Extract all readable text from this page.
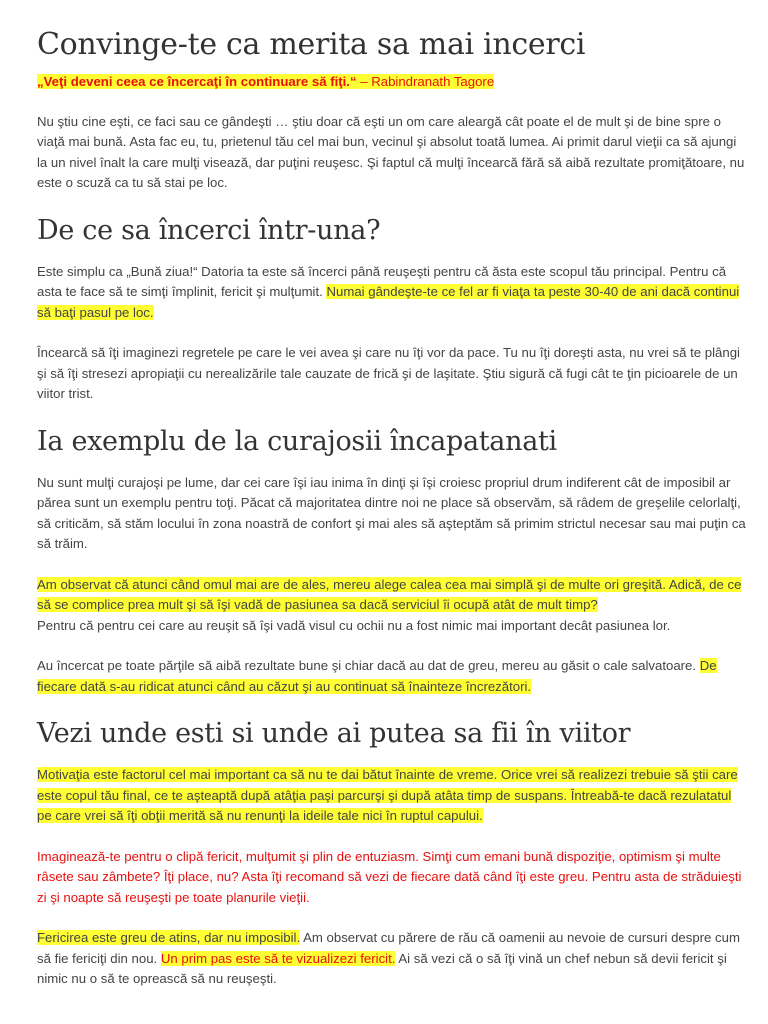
Convinge-te ca merita sa mai incerci

„Veţi deveni ceea ce încercaţi în continuare să fiţi.“ – Rabindranath Tagore

Nu ştiu cine eşti, ce faci sau ce gândeşti … ştiu doar că eşti un om care aleargă cât poate el de mult şi de bine spre o viaţă mai bună. Asta fac eu, tu, prietenul tău cel mai bun, vecinul şi absolut toată lumea. Ai primit darul vieţii ca să ajungi la un nivel înalt la care mulţi visează, dar puţini reuşesc. Şi faptul că mulţi încearcă fără să aibă rezultate promiţătoare, nu este o scuză ca tu să stai pe loc.

De ce sa încerci într-una?

Este simplu ca „Bună ziua!“ Datoria ta este să încerci până reuşeşti pentru că ăsta este scopul tău principal. Pentru că asta te face să te simţi împlinit, fericit şi mulţumit. Numai gândeşte-te ce fel ar fi viaţa ta peste 30-40 de ani dacă continui să baţi pasul pe loc.

Încearcă să îţi imaginezi regretele pe care le vei avea şi care nu îţi vor da pace. Tu nu îţi doreşti asta, nu vrei să te plângi şi să îţi stresezi apropiaţii cu nerealizările tale cauzate de frică şi de laşitate. Ştiu sigură că fugi cât te ţin picioarele de un viitor trist.

Ia exemplu de la curajosii încapatanati

Nu sunt mulţi curajoşi pe lume, dar cei care îşi iau inima în dinţi şi îşi croiesc propriul drum indiferent cât de imposibil ar părea sunt un exemplu pentru toţi. Păcat că majoritatea dintre noi ne place să observăm, să râdem de greşelile celorlalţi, să criticăm, să stăm locului în zona noastră de confort şi mai ales să aşteptăm să primim strictul necesar sau mai puţin ca să trăim.

Am observat că atunci când omul mai are de ales, mereu alege calea cea mai simplă şi de multe ori greşită. Adică, de ce să se complice prea mult şi să îşi vadă de pasiunea sa dacă serviciul îi ocupă atât de mult timp?
Pentru că pentru cei care au reuşit să îşi vadă visul cu ochii nu a fost nimic mai important decât pasiunea lor.

Au încercat pe toate părţile să aibă rezultate bune şi chiar dacă au dat de greu, mereu au găsit o cale salvatoare. De fiecare dată s-au ridicat atunci când au căzut şi au continuat să înainteze încrezători.

Vezi unde esti si unde ai putea sa fii în viitor

Motivaţia este factorul cel mai important ca să nu te dai bătut înainte de vreme. Orice vrei să realizezi trebuie să ştii care este copul tău final, ce te aşteaptă după atâţia paşi parcurşi şi după atâta timp de suspans. Întreabă-te dacă rezulatatul pe care vrei să îţi obţii merită să nu renunţi la ideile tale nici în ruptul capului.

Imaginează-te pentru o clipă fericit, mulţumit şi plin de entuziasm. Simţi cum emani bună dispoziţie, optimism şi multe râsete sau zâmbete? Îţi place, nu? Asta îţi recomand să vezi de fiecare dată când îţi este greu. Pentru asta de străduieşti zi şi noapte să reuşeşti pe toate planurile vieţii.

Fericirea este greu de atins, dar nu imposibil. Am observat cu părere de rău că oamenii au nevoie de cursuri despre cum să fie fericiţi din nou. Un prim pas este să te vizualizezi fericit. Ai să vezi că o să îţi vină un chef nebun să devii fericit şi nimic nu o să te oprească să nu reuşeşti.
